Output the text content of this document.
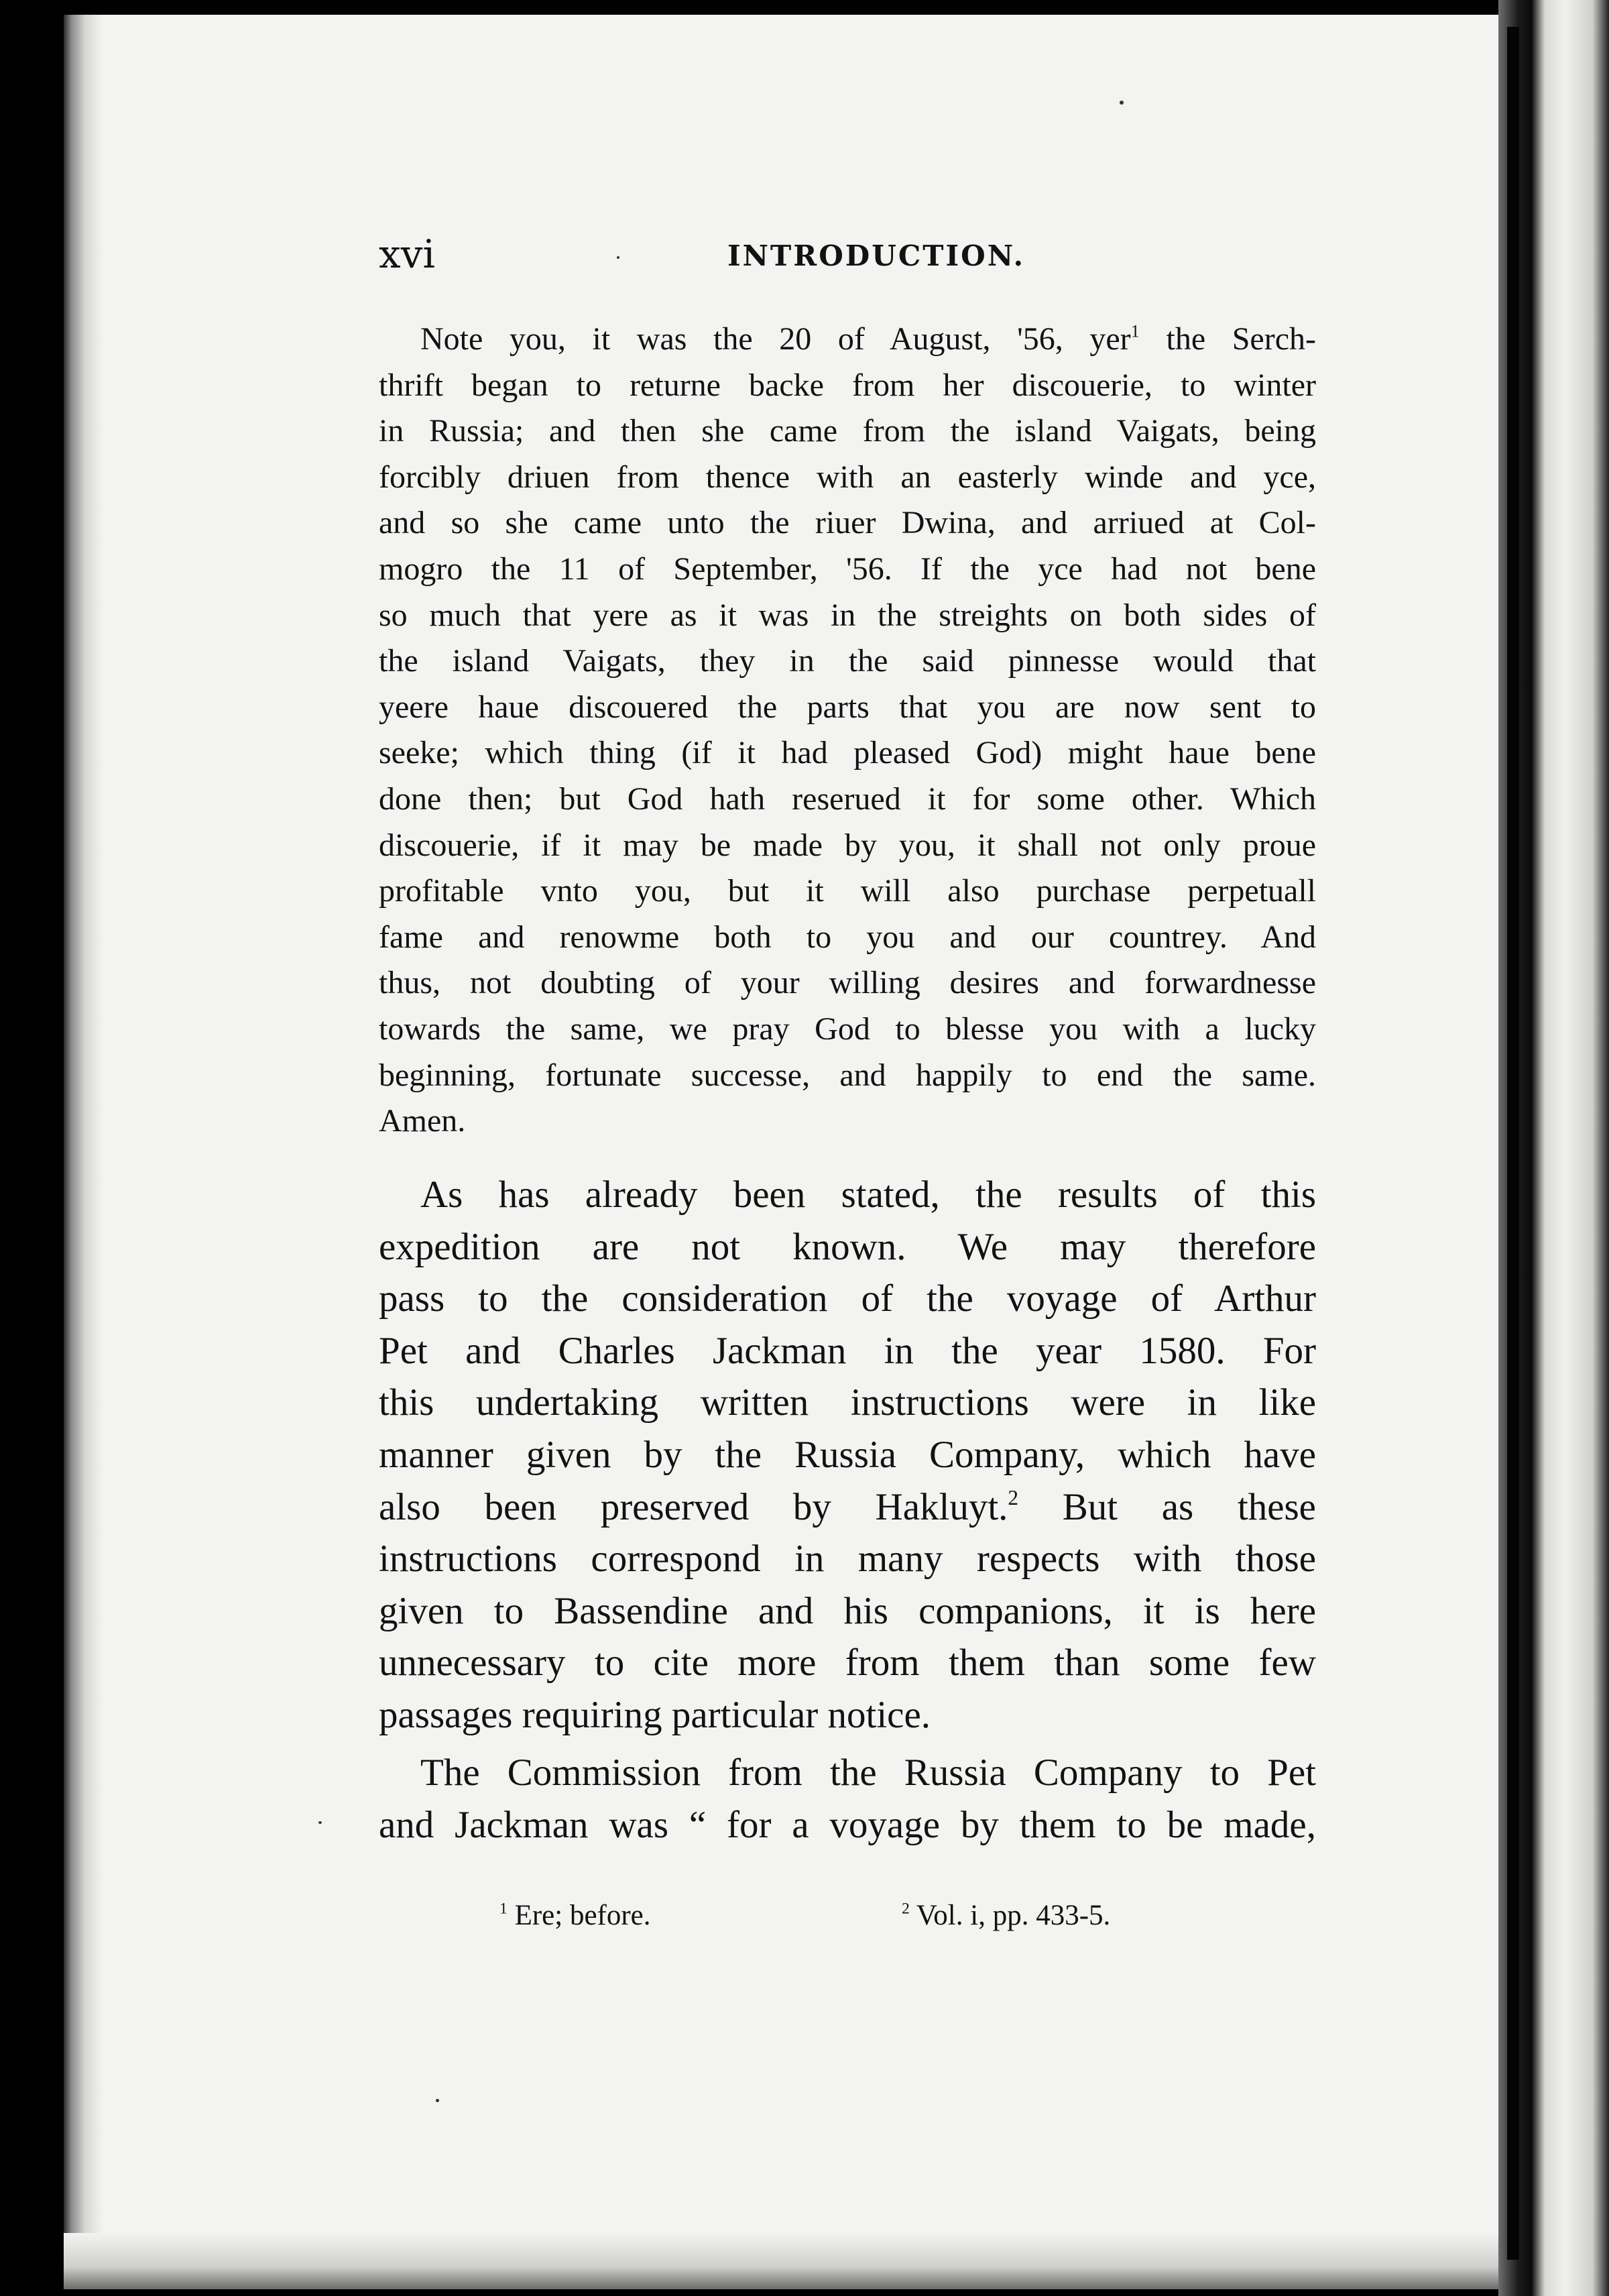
xvi	INTRODUCTION.
Note you, it was the 20 of August, '56, yer$^1$ the Serch-
thrift began to returne backe from her discouerie, to winter
in Russia; and then she came from the island Vaigats, being
forcibly driuen from thence with an easterly winde and yce,
and so she came unto the riuer Dwina, and arriued at Col-
mogro the 11 of September, '56. If the yce had not bene
so much that yere as it was in the streights on both sides of
the island Vaigats, they in the said pinnesse would that
yeere haue discouered the parts that you are now sent to
seeke; which thing (if it had pleased God) might haue bene
done then; but God hath reserued it for some other. Which
discouerie, if it may be made by you, it shall not only proue
profitable vnto you, but it will also purchase perpetuall
fame and renowme both to you and our countrey. And
thus, not doubting of your willing desires and forwardnesse
towards the same, we pray God to blesse you with a lucky
beginning, fortunate successe, and happily to end the same.
Amen.
As has already been stated, the results of this
expedition are not known. We may therefore
pass to the consideration of the voyage of Arthur
Pet and Charles Jackman in the year 1580. For
this undertaking written instructions were in like
manner given by the Russia Company, which have
also been preserved by Hakluyt.$^2$ But as these
instructions correspond in many respects with those
given to Bassendine and his companions, it is here
unnecessary to cite more from them than some few
passages requiring particular notice.
The Commission from the Russia Company to Pet
and Jackman was “ for a voyage by them to be made,
$^1$ Ere; before.	$^2$ Vol. i, pp. 433-5.
